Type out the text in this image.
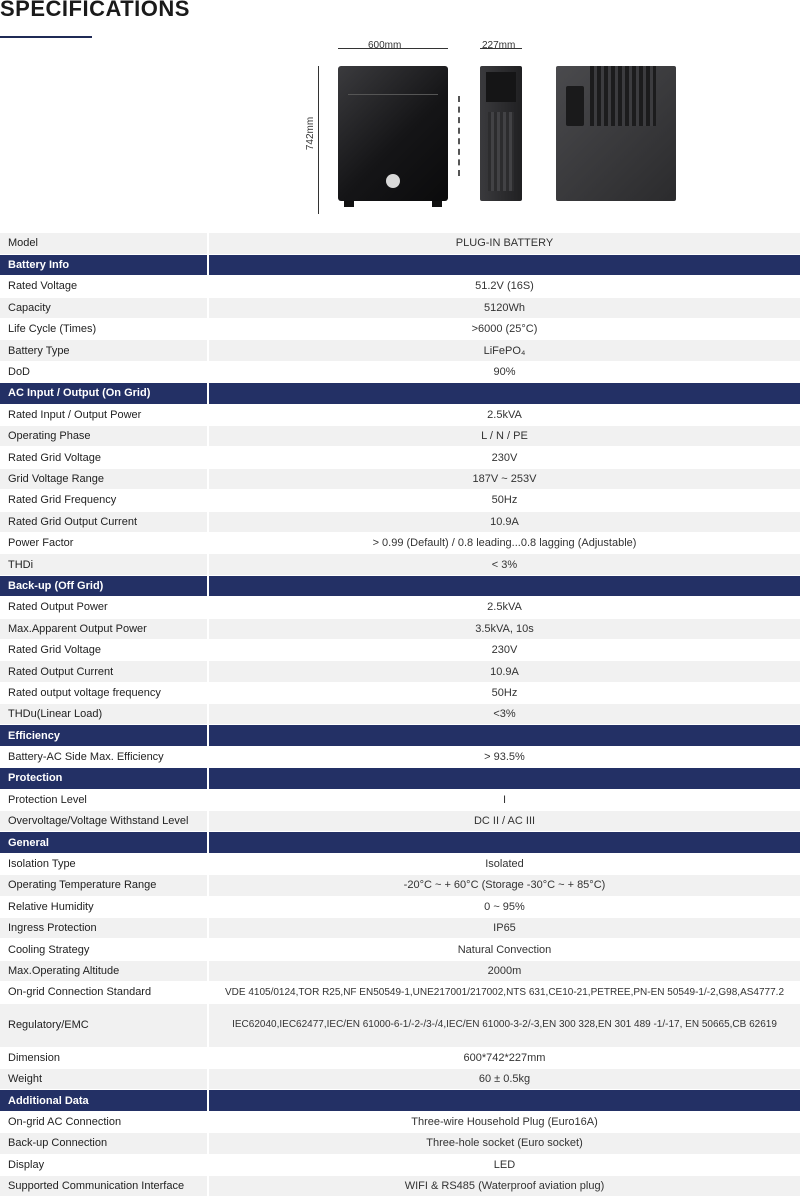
SPECIFICATIONS
600mm	227mm
742mm
Model	PLUG-IN BATTERY
Battery Info	
Rated Voltage	51.2V (16S)
Capacity	5120Wh
Life Cycle (Times)	>6000 (25°C)
Battery Type	LiFePO₄
DoD	90%
AC Input / Output (On Grid)	
Rated Input / Output Power	2.5kVA
Operating Phase	L / N / PE
Rated Grid Voltage	230V
Grid Voltage Range	187V ~ 253V
Rated Grid Frequency	50Hz
Rated Grid Output Current	10.9A
Power Factor	> 0.99 (Default) / 0.8 leading...0.8 lagging (Adjustable)
THDi	< 3%
Back-up (Off Grid)	
Rated Output Power	2.5kVA
Max.Apparent Output Power	3.5kVA, 10s
Rated Grid Voltage	230V
Rated Output Current	10.9A
Rated output voltage frequency	50Hz
THDu(Linear Load)	<3%
Efficiency	
Battery-AC Side Max. Efficiency	> 93.5%
Protection	
Protection Level	I
Overvoltage/Voltage Withstand Level	DC II / AC III
General	
Isolation Type	Isolated
Operating Temperature Range	-20°C ~ + 60°C (Storage -30°C ~ + 85°C)
Relative Humidity	0 ~ 95%
Ingress Protection	IP65
Cooling Strategy	Natural Convection
Max.Operating Altitude	2000m
On-grid Connection Standard	VDE 4105/0124,TOR R25,NF EN50549-1,UNE217001/217002,NTS 631,CE10-21,PETREE,PN-EN 50549-1/-2,G98,AS4777.2
Regulatory/EMC	IEC62040,IEC62477,IEC/EN 61000-6-1/-2-/3-/4,IEC/EN 61000-3-2/-3,EN 300 328,EN 301 489 -1/-17, EN 50665,CB 62619
Dimension	600*742*227mm
Weight	60 ± 0.5kg
Additional Data	
On-grid AC Connection	Three-wire Household Plug (Euro16A)
Back-up Connection	Three-hole socket (Euro socket)
Display	LED
Supported Communication Interface	WIFI & RS485 (Waterproof aviation plug)
